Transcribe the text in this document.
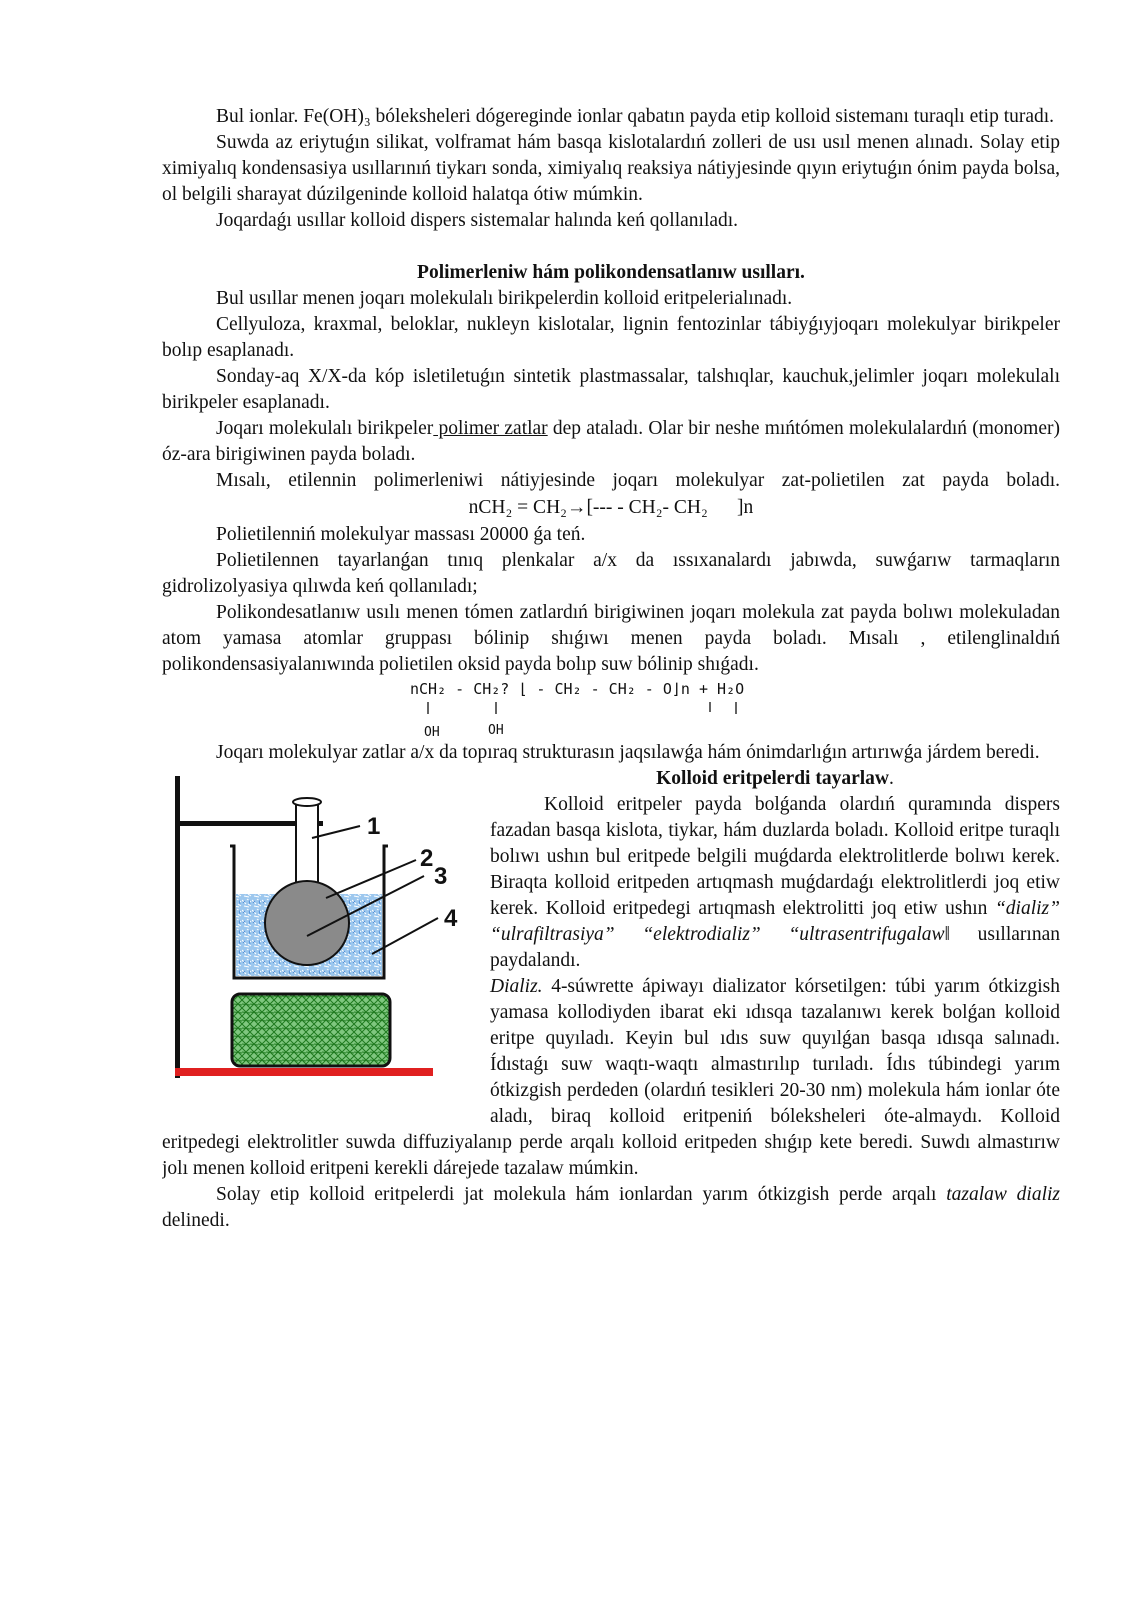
Bul ionlar. Fe(OH)₃ bóleksheleri dógereginde ionlar qabatın payda etip kolloid sistemanı turaqlı etip turadı.

Suwda az eriytuǵın silikat, volframat hám basqa kislotalardıń zolleri de usı usıl menen alınadı. Solay etip ximiyalıq kondensasiya usıllarınıń tiykarı sonda, ximiyalıq reaksiya nátiyjesinde qıyın eriytuǵın ónim payda bolsa, ol belgili sharayat dúzilgeninde kolloid halatqa ótiw múmkin.

Joqardaǵı usıllar kolloid dispers sistemalar halında keń qollanıladı.

Polimerleniw hám polikondensatlanıw usılları.

Bul usıllar menen joqarı molekulalı birikpelerdin kolloid eritpelerialınadı.

Cellyuloza, kraxmal, beloklar, nukleyn kislotalar, lignin fentozinlar tábiyǵıyjoqarı molekulyar birikpeler bolıp esaplanadı.

Sonday-aq X/X-da kóp isletiletuǵın sintetik plastmassalar, talshıqlar, kauchuk,jelimler joqarı molekulalı birikpeler esaplanadı.

Joqarı molekulalı birikpeler polimer zatlar dep ataladı. Olar bir neshe mıńtómen molekulalardıń (monomer) óz-ara birigiwinen payda boladı.

Mısalı, etilennin polimerleniwi nátiyjesinde joqarı molekulyar zat-polietilen zat payda boladı.

nCH₂ = CH₂→[--- - CH₂- CH₂      ]n

Polietilenniń molekulyar massası 20000 ǵa teń.

Polietilennen tayarlanǵan tınıq plenkalar a/x da ıssıxanalardı jabıwda, suwǵarıw tarmaqların gidrolizolyasiya qılıwda keń qollanıladı;

Polikondesatlanıw usılı menen tómen zatlardıń birigiwinen joqarı molekula zat payda bolıwı molekuladan atom yamasa atomlar gruppası bólinip shıǵıwı menen payda boladı. Mısalı , etilenglinaldıń polikondensasiyalanıwında polietilen oksid payda bolıp suw bólinip shıǵadı.

nCH₂ - CH₂? ⌊ - CH₂ - CH₂ - O⌋n + H₂O
OH	OH

Joqarı molekulyar zatlar a/x da topıraq strukturasın jaqsılawǵa hám ónimdarlıǵın artırıwǵa járdem beredi.

1
2
3
4

Kolloid eritpelerdi tayarlaw.

Kolloid eritpeler payda bolǵanda olardıń quramında dispers fazadan basqa kislota, tiykar, hám duzlarda boladı. Kolloid eritpe turaqlı bolıwı ushın bul eritpede belgili muǵdarda elektrolitlerde bolıwı kerek. Biraqta kolloid eritpeden artıqmash muǵdardaǵı elektrolitlerdi joq etiw kerek. Kolloid eritpedegi artıqmash elektrolitti joq etiw ushın “dializ” “ulrafiltrasiya” “elektrodializ” “ultrasentrifugalaw‖ usıllarınan paydalandı.

Dializ. 4-súwrette ápiwayı dializator kórsetilgen: túbi yarım ótkizgish yamasa kollodiyden ibarat eki ıdısqa tazalanıwı kerek bolǵan kolloid eritpe quyıladı. Keyin bul ıdıs suw quyılǵan basqa ıdısqa salınadı. Ídıstaǵı suw waqtı-waqtı almastırılıp turıladı. Ídıs túbindegi yarım ótkizgish perdeden (olardıń tesikleri 20-30 nm) molekula hám ionlar óte aladı, biraq kolloid eritpeniń bóleksheleri óte-almaydı. Kolloid eritpedegi elektrolitler suwda diffuziyalanıp perde arqalı kolloid eritpeden shıǵıp kete beredi. Suwdı almastırıw jolı menen kolloid eritpeni kerekli dárejede tazalaw múmkin.

Solay etip kolloid eritpelerdi jat molekula hám ionlardan yarım ótkizgish perde arqalı tazalaw dializ delinedi.
